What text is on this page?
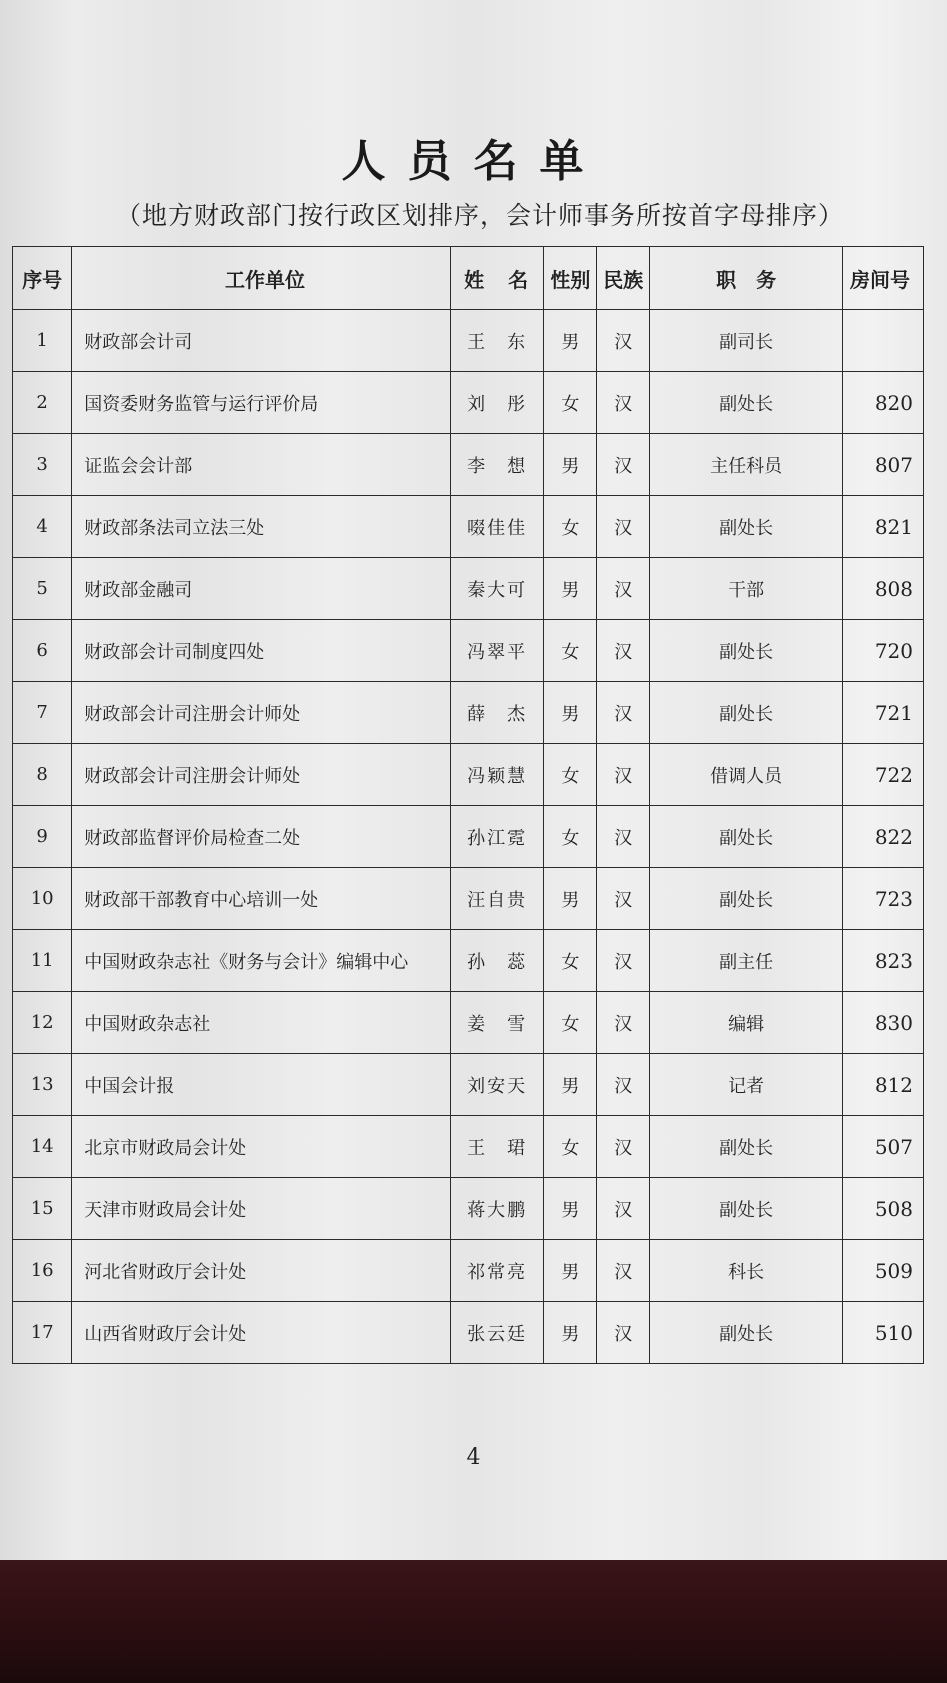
人员名单
（地方财政部门按行政区划排序，会计师事务所按首字母排序）
序号	工作单位	姓　名	性别	民族	职　务	房间号
1	财政部会计司	王　东	男	汉	副司长	
2	国资委财务监管与运行评价局	刘　彤	女	汉	副处长	820
3	证监会会计部	李　想	男	汉	主任科员	807
4	财政部条法司立法三处	啜佳佳	女	汉	副处长	821
5	财政部金融司	秦大可	男	汉	干部	808
6	财政部会计司制度四处	冯翠平	女	汉	副处长	720
7	财政部会计司注册会计师处	薛　杰	男	汉	副处长	721
8	财政部会计司注册会计师处	冯颖慧	女	汉	借调人员	722
9	财政部监督评价局检查二处	孙江霓	女	汉	副处长	822
10	财政部干部教育中心培训一处	汪自贵	男	汉	副处长	723
11	中国财政杂志社《财务与会计》编辑中心	孙　蕊	女	汉	副主任	823
12	中国财政杂志社	姜　雪	女	汉	编辑	830
13	中国会计报	刘安天	男	汉	记者	812
14	北京市财政局会计处	王　珺	女	汉	副处长	507
15	天津市财政局会计处	蒋大鹏	男	汉	副处长	508
16	河北省财政厅会计处	祁常亮	男	汉	科长	509
17	山西省财政厅会计处	张云廷	男	汉	副处长	510
4
